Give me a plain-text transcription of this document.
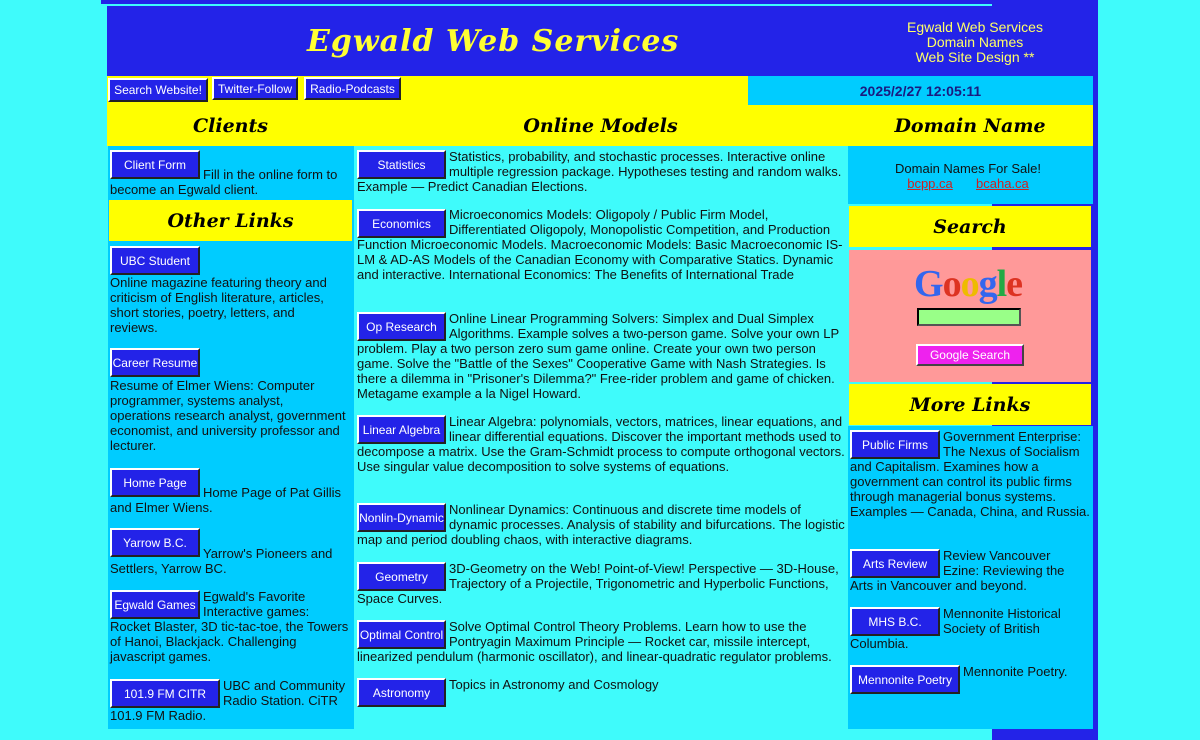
Egwald Web Services	Egwald Web Services
Domain Names
Web Site Design **
Search Website!	Twitter-Follow	Radio-Podcasts	2025/2/27 12:05:11
Clients	Online Models	Domain Name
Client Form
Fill in the online form to become an Egwald client.
Other Links
UBC Student
Online magazine featuring theory and criticism of English literature, articles, short stories, poetry, letters, and reviews.
Career Resume
Resume of Elmer Wiens: Computer programmer, systems analyst, operations research analyst, government economist, and university professor and lecturer.
Home Page
Home Page of Pat Gillis and Elmer Wiens.
Yarrow B.C.
Yarrow's Pioneers and Settlers, Yarrow BC.
Egwald Games
Egwald's Favorite Interactive games: Rocket Blaster, 3D tic-tac-toe, the Towers of Hanoi, Blackjack. Challenging javascript games.
101.9 FM CITR
UBC and Community Radio Station. CiTR 101.9 FM Radio.
Statistics
Statistics, probability, and stochastic processes. Interactive online multiple regression package. Hypotheses testing and random walks. Example — Predict Canadian Elections.
Economics
Microeconomics Models: Oligopoly / Public Firm Model, Differentiated Oligopoly, Monopolistic Competition, and Production Function Microeconomic Models. Macroeconomic Models: Basic Macroeconomic IS-LM & AD-AS Models of the Canadian Economy with Comparative Statics. Dynamic and interactive. International Economics: The Benefits of International Trade
Op Research
Online Linear Programming Solvers: Simplex and Dual Simplex Algorithms. Example solves a two-person game. Solve your own LP problem. Play a two person zero sum game online. Create your own two person game. Solve the "Battle of the Sexes" Cooperative Game with Nash Strategies. Is there a dilemma in "Prisoner's Dilemma?" Free-rider problem and game of chicken. Metagame example a la Nigel Howard.
Linear Algebra
Linear Algebra: polynomials, vectors, matrices, linear equations, and linear differential equations. Discover the important methods used to decompose a matrix. Use the Gram-Schmidt process to compute orthogonal vectors. Use singular value decomposition to solve systems of equations.
Nonlin-Dynamic
Nonlinear Dynamics: Continuous and discrete time models of dynamic processes. Analysis of stability and bifurcations. The logistic map and period doubling chaos, with interactive diagrams.
Geometry
3D-Geometry on the Web! Point-of-View! Perspective — 3D-House, Trajectory of a Projectile, Trigonometric and Hyperbolic Functions, Space Curves.
Optimal Control
Solve Optimal Control Theory Problems. Learn how to use the Pontryagin Maximum Principle — Rocket car, missile intercept, linearized pendulum (harmonic oscillator), and linear-quadratic regulator problems.
Astronomy
Topics in Astronomy and Cosmology
Domain Names For Sale!
bcpp.ca bcaha.ca
Search
Google
Google Search
More Links
Public Firms
Government Enterprise: The Nexus of Socialism and Capitalism. Examines how a government can control its public firms through managerial bonus systems. Examples — Canada, China, and Russia.
Arts Review
Review Vancouver Ezine: Reviewing the Arts in Vancouver and beyond.
MHS B.C.
Mennonite Historical Society of British Columbia.
Mennonite Poetry
Mennonite Poetry.
